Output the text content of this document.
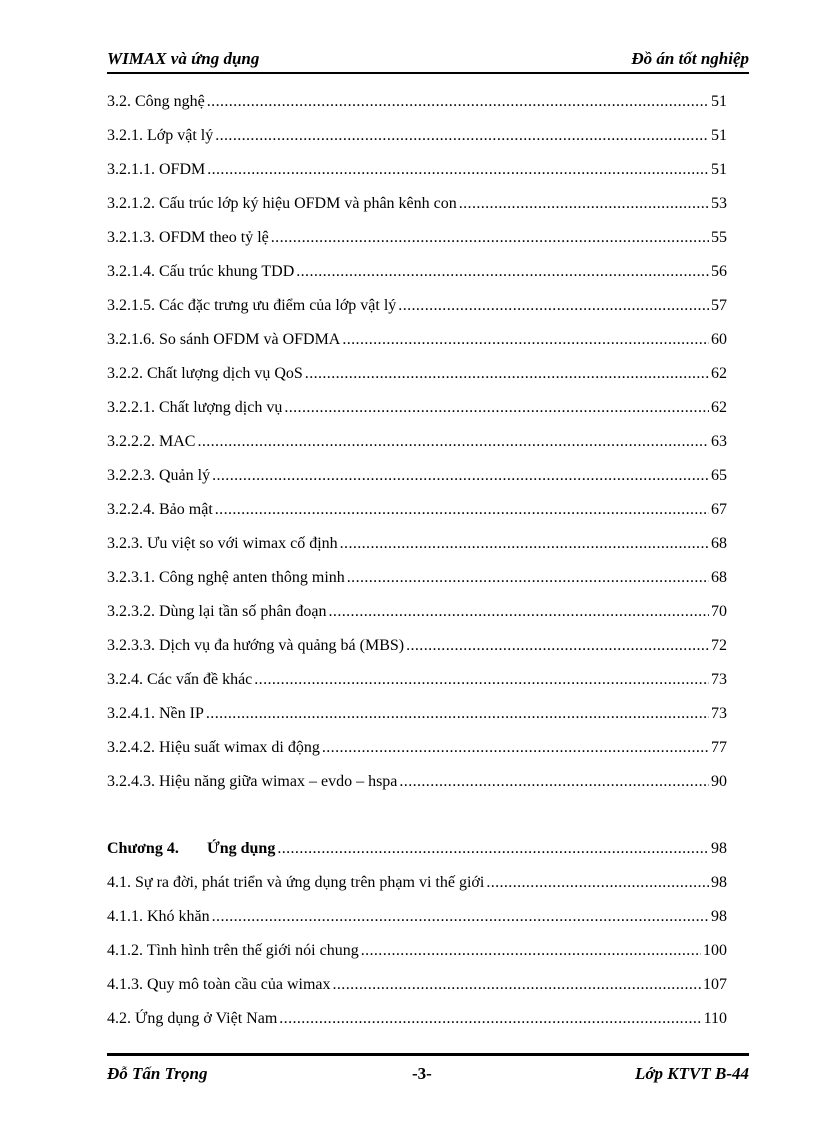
WIMAX và ứng dụng	Đồ án tốt nghiệp
3.2. Công nghệ .....	51
3.2.1. Lớp vật lý .....	51
3.2.1.1. OFDM .....	51
3.2.1.2. Cấu trúc lớp ký hiệu OFDM và phân kênh con .....	53
3.2.1.3. OFDM theo tỷ lệ .....	55
3.2.1.4. Cấu trúc khung TDD .....	56
3.2.1.5. Các đặc trưng ưu điểm của lớp vật lý .....	57
3.2.1.6. So sánh OFDM và OFDMA .....	60
3.2.2. Chất lượng dịch vụ QoS .....	62
3.2.2.1. Chất lượng dịch vụ .....	62
3.2.2.2. MAC .....	63
3.2.2.3. Quản lý .....	65
3.2.2.4. Bảo mật .....	67
3.2.3. Ưu việt so với wimax cố định .....	68
3.2.3.1. Công nghệ anten thông minh .....	68
3.2.3.2. Dùng lại tần số phân đoạn .....	70
3.2.3.3. Dịch vụ đa hướng và quảng bá (MBS) .....	72
3.2.4. Các vấn đề khác .....	73
3.2.4.1. Nền IP .....	73
3.2.4.2. Hiệu suất wimax di động .....	77
3.2.4.3. Hiệu năng giữa wimax – evdo – hspa .....	90
Chương 4. Ứng dụng .....	98
4.1. Sự ra đời, phát triển và ứng dụng trên phạm vi thế giới .....	98
4.1.1. Khó khăn .....	98
4.1.2. Tình hình trên thế giới nói chung .....	100
4.1.3. Quy mô toàn cầu của wimax .....	107
4.2. Ứng dụng ở Việt Nam .....	110
Đỗ Tấn Trọng	-3-	Lớp KTVT B-44
